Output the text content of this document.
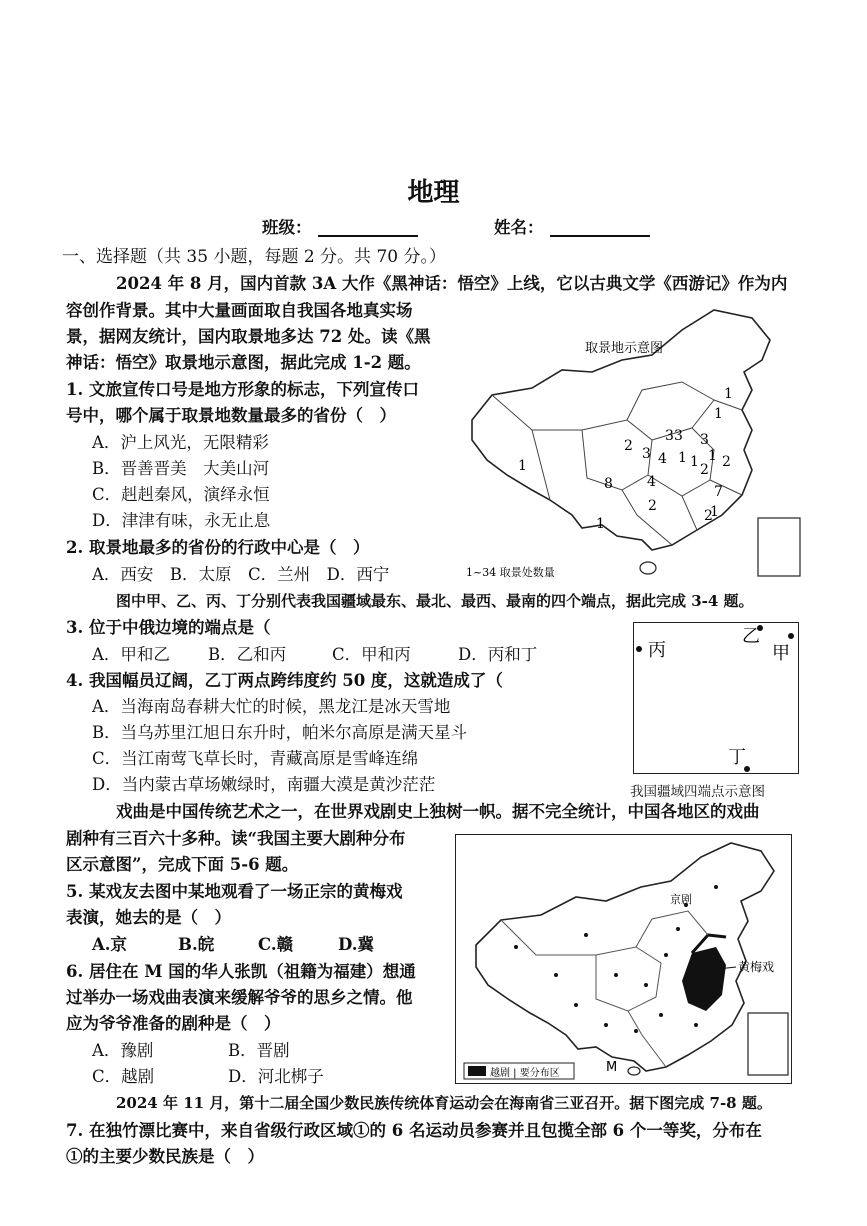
地理
班级：	姓名：
一、选择题（共 35 小题，每题 2 分。共 70 分。）
2024 年 8 月，国内首款 3A 大作《黑神话：悟空》上线，它以古典文学《西游记》作为内
容创作背景。其中大量画面取自我国各地真实场
景，据网友统计，国内取景地多达 72 处。读《黑
神话：悟空》取景地示意图，据此完成 1-2 题。
取景地示意图
1~34 取景处数量
1
1
3 3
2 3 1
4
3
1 2
2
1
1
8 4
7
1
2
1
2
1. 文旅宣传口号是地方形象的标志，下列宣传口
号中，哪个属于取景地数量最多的省份（　）
A．沪上风光，无限精彩
B．晋善晋美　大美山河
C．赳赳秦风，演绎永恒
D．津津有味，永无止息
2. 取景地最多的省份的行政中心是（　）
A．西安　B．太原　C．兰州　D．西宁
图中甲、乙、丙、丁分别代表我国疆域最东、最北、最西、最南的四个端点，据此完成 3-4 题。
丙
乙
甲
丁
我国疆域四端点示意图
3. 位于中俄边境的端点是（
A．甲和乙 B．乙和丙	C．甲和丙	D．丙和丁
4. 我国幅员辽阔，乙丁两点跨纬度约 50 度，这就造成了（
A．当海南岛春耕大忙的时候，黑龙江是冰天雪地
B．当乌苏里江旭日东升时，帕米尔高原是满天星斗
C．当江南莺飞草长时，青藏高原是雪峰连绵
D．当内蒙古草场嫩绿时，南疆大漠是黄沙茫茫
戏曲是中国传统艺术之一，在世界戏剧史上独树一帜。据不完全统计，中国各地区的戏曲
剧种有三百六十多种。读“我国主要大剧种分布
区示意图”，完成下面 5-6 题。
京剧
黄梅戏
M
越剧 | 要分布区
5. 某戏友去图中某地观看了一场正宗的黄梅戏
表演，她去的是（　）
A.京	B.皖	C.赣	D.冀
6. 居住在 M 国的华人张凯（祖籍为福建）想通
过举办一场戏曲表演来缓解爷爷的思乡之情。他
应为爷爷准备的剧种是（　）
A．豫剧	B．晋剧
C．越剧	D．河北梆子
2024 年 11 月，第十二届全国少数民族传统体育运动会在海南省三亚召开。据下图完成 7-8 题。
7. 在独竹漂比赛中，来自省级行政区域①的 6 名运动员参赛并且包揽全部 6 个一等奖，分布在
①的主要少数民族是（　）
